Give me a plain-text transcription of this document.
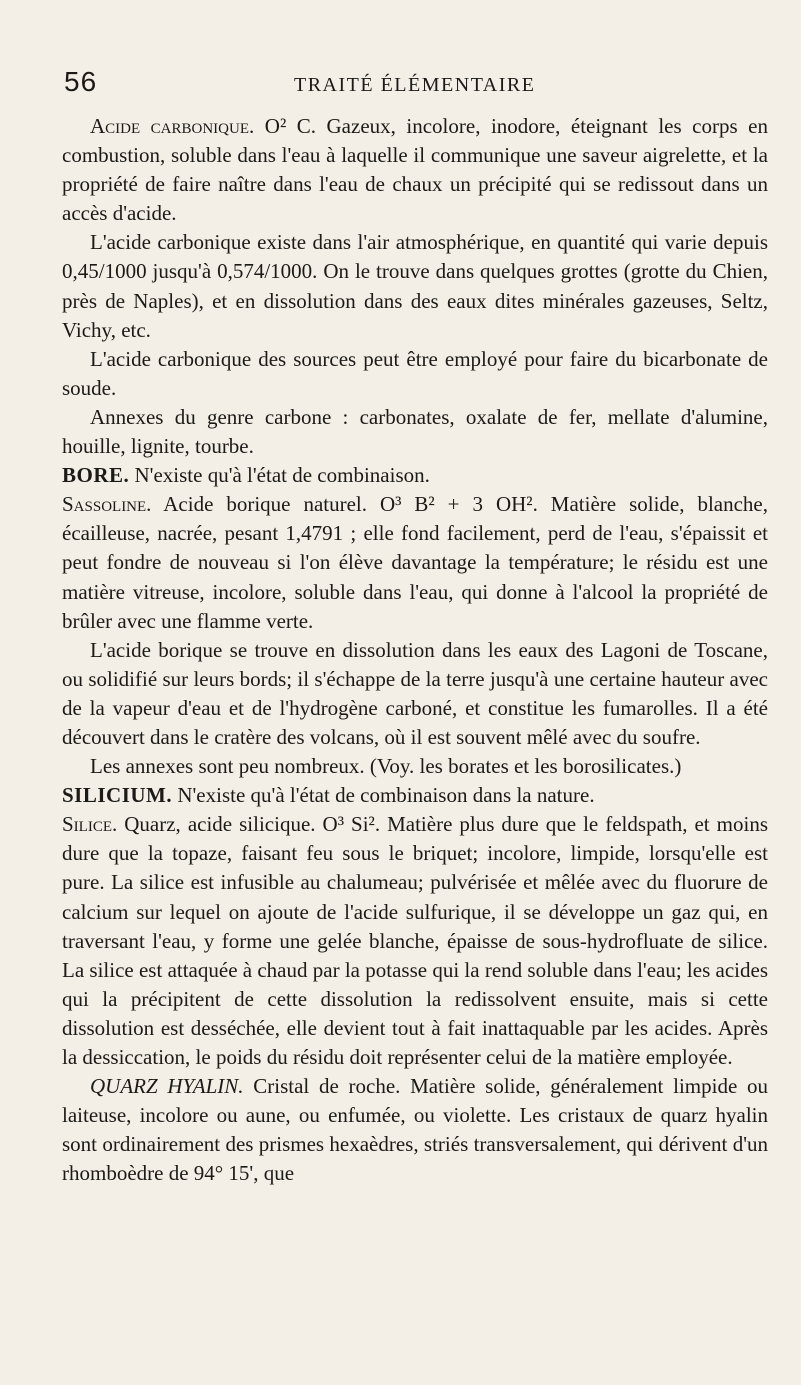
56	TRAITÉ ÉLÉMENTAIRE

Acide carbonique. O² C. Gazeux, incolore, inodore, éteignant les corps en combustion, soluble dans l'eau à laquelle il communique une saveur aigrelette, et la propriété de faire naître dans l'eau de chaux un précipité qui se redissout dans un accès d'acide.

L'acide carbonique existe dans l'air atmosphérique, en quantité qui varie depuis 0,45/1000 jusqu'à 0,574/1000. On le trouve dans quelques grottes (grotte du Chien, près de Naples), et en dissolution dans des eaux dites minérales gazeuses, Seltz, Vichy, etc.

L'acide carbonique des sources peut être employé pour faire du bicarbonate de soude.

Annexes du genre carbone : carbonates, oxalate de fer, mellate d'alumine, houille, lignite, tourbe.

BORE. N'existe qu'à l'état de combinaison.

Sassoline. Acide borique naturel. O³ B² + 3 OH². Matière solide, blanche, écailleuse, nacrée, pesant 1,4791 ; elle fond facilement, perd de l'eau, s'épaissit et peut fondre de nouveau si l'on élève davantage la température; le résidu est une matière vitreuse, incolore, soluble dans l'eau, qui donne à l'alcool la propriété de brûler avec une flamme verte.

L'acide borique se trouve en dissolution dans les eaux des Lagoni de Toscane, ou solidifié sur leurs bords; il s'échappe de la terre jusqu'à une certaine hauteur avec de la vapeur d'eau et de l'hydrogène carboné, et constitue les fumarolles. Il a été découvert dans le cratère des volcans, où il est souvent mêlé avec du soufre.

Les annexes sont peu nombreux. (Voy. les borates et les borosilicates.)

SILICIUM. N'existe qu'à l'état de combinaison dans la nature.

Silice. Quarz, acide silicique. O³ Si². Matière plus dure que le feldspath, et moins dure que la topaze, faisant feu sous le briquet; incolore, limpide, lorsqu'elle est pure. La silice est infusible au chalumeau; pulvérisée et mêlée avec du fluorure de calcium sur lequel on ajoute de l'acide sulfurique, il se développe un gaz qui, en traversant l'eau, y forme une gelée blanche, épaisse de sous-hydrofluate de silice. La silice est attaquée à chaud par la potasse qui la rend soluble dans l'eau; les acides qui la précipitent de cette dissolution la redissolvent ensuite, mais si cette dissolution est desséchée, elle devient tout à fait inattaquable par les acides. Après la dessiccation, le poids du résidu doit représenter celui de la matière employée.

QUARZ HYALIN. Cristal de roche. Matière solide, généralement limpide ou laiteuse, incolore ou aune, ou enfumée, ou violette. Les cristaux de quarz hyalin sont ordinairement des prismes hexaèdres, striés transversalement, qui dérivent d'un rhomboèdre de 94° 15', que
